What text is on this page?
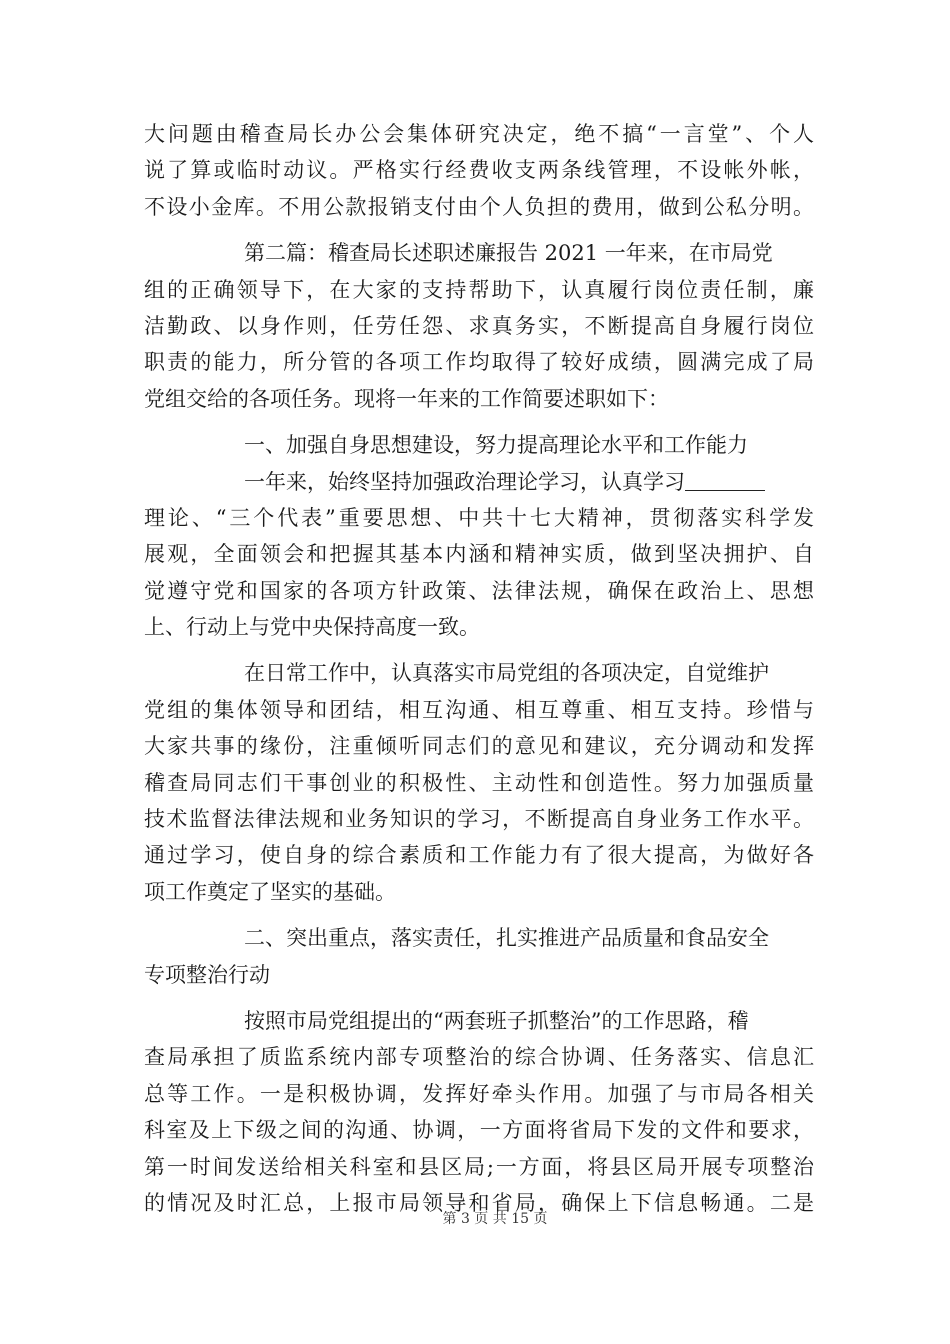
大问题由稽查局长办公会集体研究决定，绝不搞“一言堂”、个人
说了算或临时动议。严格实行经费收支两条线管理，不设帐外帐，
不设小金库。不用公款报销支付由个人负担的费用，做到公私分明。
第二篇：稽查局长述职述廉报告 2021 一年来，在市局党
组的正确领导下，在大家的支持帮助下，认真履行岗位责任制，廉
洁勤政、以身作则，任劳任怨、求真务实，不断提高自身履行岗位
职责的能力，所分管的各项工作均取得了较好成绩，圆满完成了局
党组交给的各项任务。现将一年来的工作简要述职如下：
一、加强自身思想建设，努力提高理论水平和工作能力
一年来，始终坚持加强政治理论学习，认真学习
理论、“三个代表”重要思想、中共十七大精神，贯彻落实科学发
展观，全面领会和把握其基本内涵和精神实质，做到坚决拥护、自
觉遵守党和国家的各项方针政策、法律法规，确保在政治上、思想
上、行动上与党中央保持高度一致。
在日常工作中，认真落实市局党组的各项决定，自觉维护
党组的集体领导和团结，相互沟通、相互尊重、相互支持。珍惜与
大家共事的缘份，注重倾听同志们的意见和建议，充分调动和发挥
稽查局同志们干事创业的积极性、主动性和创造性。努力加强质量
技术监督法律法规和业务知识的学习，不断提高自身业务工作水平。
通过学习，使自身的综合素质和工作能力有了很大提高，为做好各
项工作奠定了坚实的基础。
二、突出重点，落实责任，扎实推进产品质量和食品安全
专项整治行动
按照市局党组提出的“两套班子抓整治”的工作思路，稽
查局承担了质监系统内部专项整治的综合协调、任务落实、信息汇
总等工作。一是积极协调，发挥好牵头作用。加强了与市局各相关
科室及上下级之间的沟通、协调，一方面将省局下发的文件和要求，
第一时间发送给相关科室和县区局;一方面，将县区局开展专项整治
的情况及时汇总，上报市局领导和省局，确保上下信息畅通。二是
第 3 页 共 15 页
